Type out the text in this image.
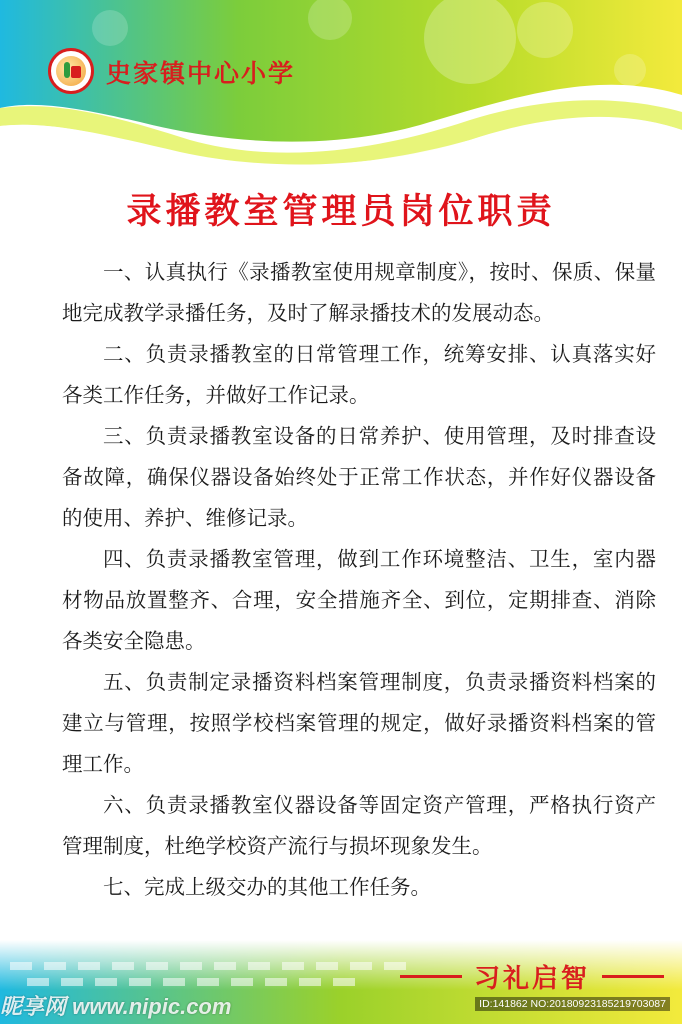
史家镇中心小学
录播教室管理员岗位职责

一、认真执行《录播教室使用规章制度》，按时、保质、保量地完成教学录播任务，及时了解录播技术的发展动态。

二、负责录播教室的日常管理工作，统筹安排、认真落实好各类工作任务，并做好工作记录。

三、负责录播教室设备的日常养护、使用管理，及时排查设备故障，确保仪器设备始终处于正常工作状态，并作好仪器设备的使用、养护、维修记录。

四、负责录播教室管理，做到工作环境整洁、卫生，室内器材物品放置整齐、合理，安全措施齐全、到位，定期排查、消除各类安全隐患。

五、负责制定录播资料档案管理制度，负责录播资料档案的建立与管理，按照学校档案管理的规定，做好录播资料档案的管理工作。

六、负责录播教室仪器设备等固定资产管理，严格执行资产管理制度，杜绝学校资产流行与损坏现象发生。

七、完成上级交办的其他工作任务。

习礼启智
昵享网 www.nipic.com	ID:141862 NO:20180923185219703087
